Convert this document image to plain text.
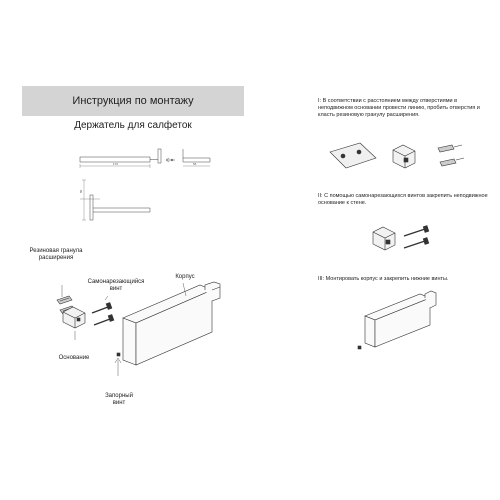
Инструкция по монтажу
Держатель для салфеток
176	56
80
Резиновая гранула расширения
Самонарезающийся винт
Корпус
Основание
Запорный винт
I: В соответствии с расстоянием между отверстиями в неподвижном основании провести линию, пробить отверстия и класть резиновую гранулу расширения.
II: С помощью самонарезающихся винтов закрепить неподвижное основание к стене.
III: Монтировать корпус и закрепить нижние винты.
